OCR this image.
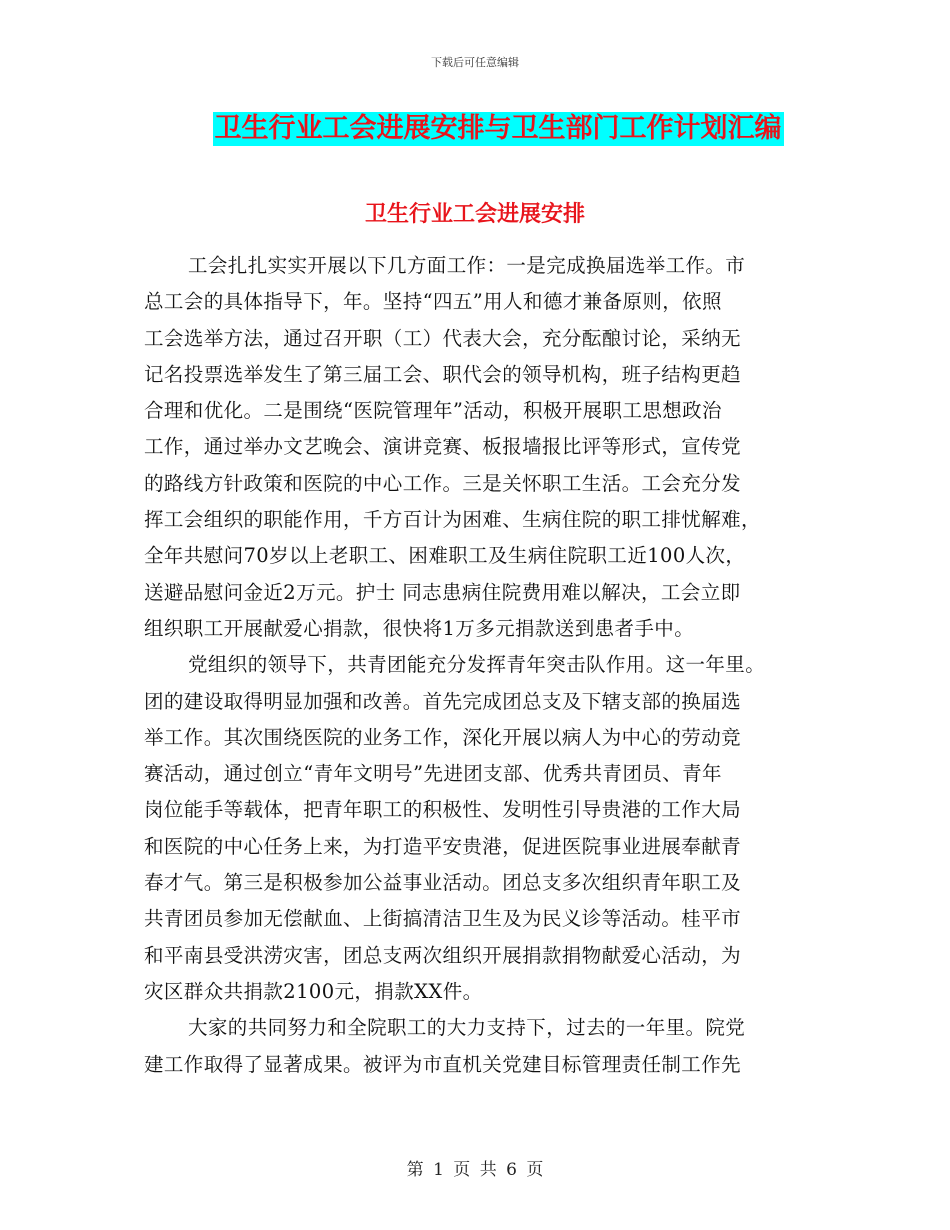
下载后可任意编辑
卫生行业工会进展安排与卫生部门工作计划汇编
卫生行业工会进展安排
工会扎扎实实开展以下几方面工作：一是完成换届选举工作。市
总工会的具体指导下，年。坚持“四五”用人和德才兼备原则，依照
工会选举方法，通过召开职（工）代表大会，充分酝酿讨论，采纳无
记名投票选举发生了第三届工会、职代会的领导机构，班子结构更趋
合理和优化。二是围绕“医院管理年”活动，积极开展职工思想政治
工作，通过举办文艺晚会、演讲竞赛、板报墙报比评等形式，宣传党
的路线方针政策和医院的中心工作。三是关怀职工生活。工会充分发
挥工会组织的职能作用，千方百计为困难、生病住院的职工排忧解难，
全年共慰问70岁以上老职工、困难职工及生病住院职工近100人次，
送避品慰问金近2万元。护士 同志患病住院费用难以解决，工会立即
组织职工开展献爱心捐款，很快将1万多元捐款送到患者手中。
党组织的领导下，共青团能充分发挥青年突击队作用。这一年里。
团的建设取得明显加强和改善。首先完成团总支及下辖支部的换届选
举工作。其次围绕医院的业务工作，深化开展以病人为中心的劳动竞
赛活动，通过创立“青年文明号”先进团支部、优秀共青团员、青年
岗位能手等载体，把青年职工的积极性、发明性引导贵港的工作大局
和医院的中心任务上来，为打造平安贵港，促进医院事业进展奉献青
春才气。第三是积极参加公益事业活动。团总支多次组织青年职工及
共青团员参加无偿献血、上街搞清洁卫生及为民义诊等活动。桂平市
和平南县受洪涝灾害，团总支两次组织开展捐款捐物献爱心活动，为
灾区群众共捐款2100元，捐款XX件。
大家的共同努力和全院职工的大力支持下，过去的一年里。院党
建工作取得了显著成果。被评为市直机关党建目标管理责任制工作先
第 1 页 共 6 页
